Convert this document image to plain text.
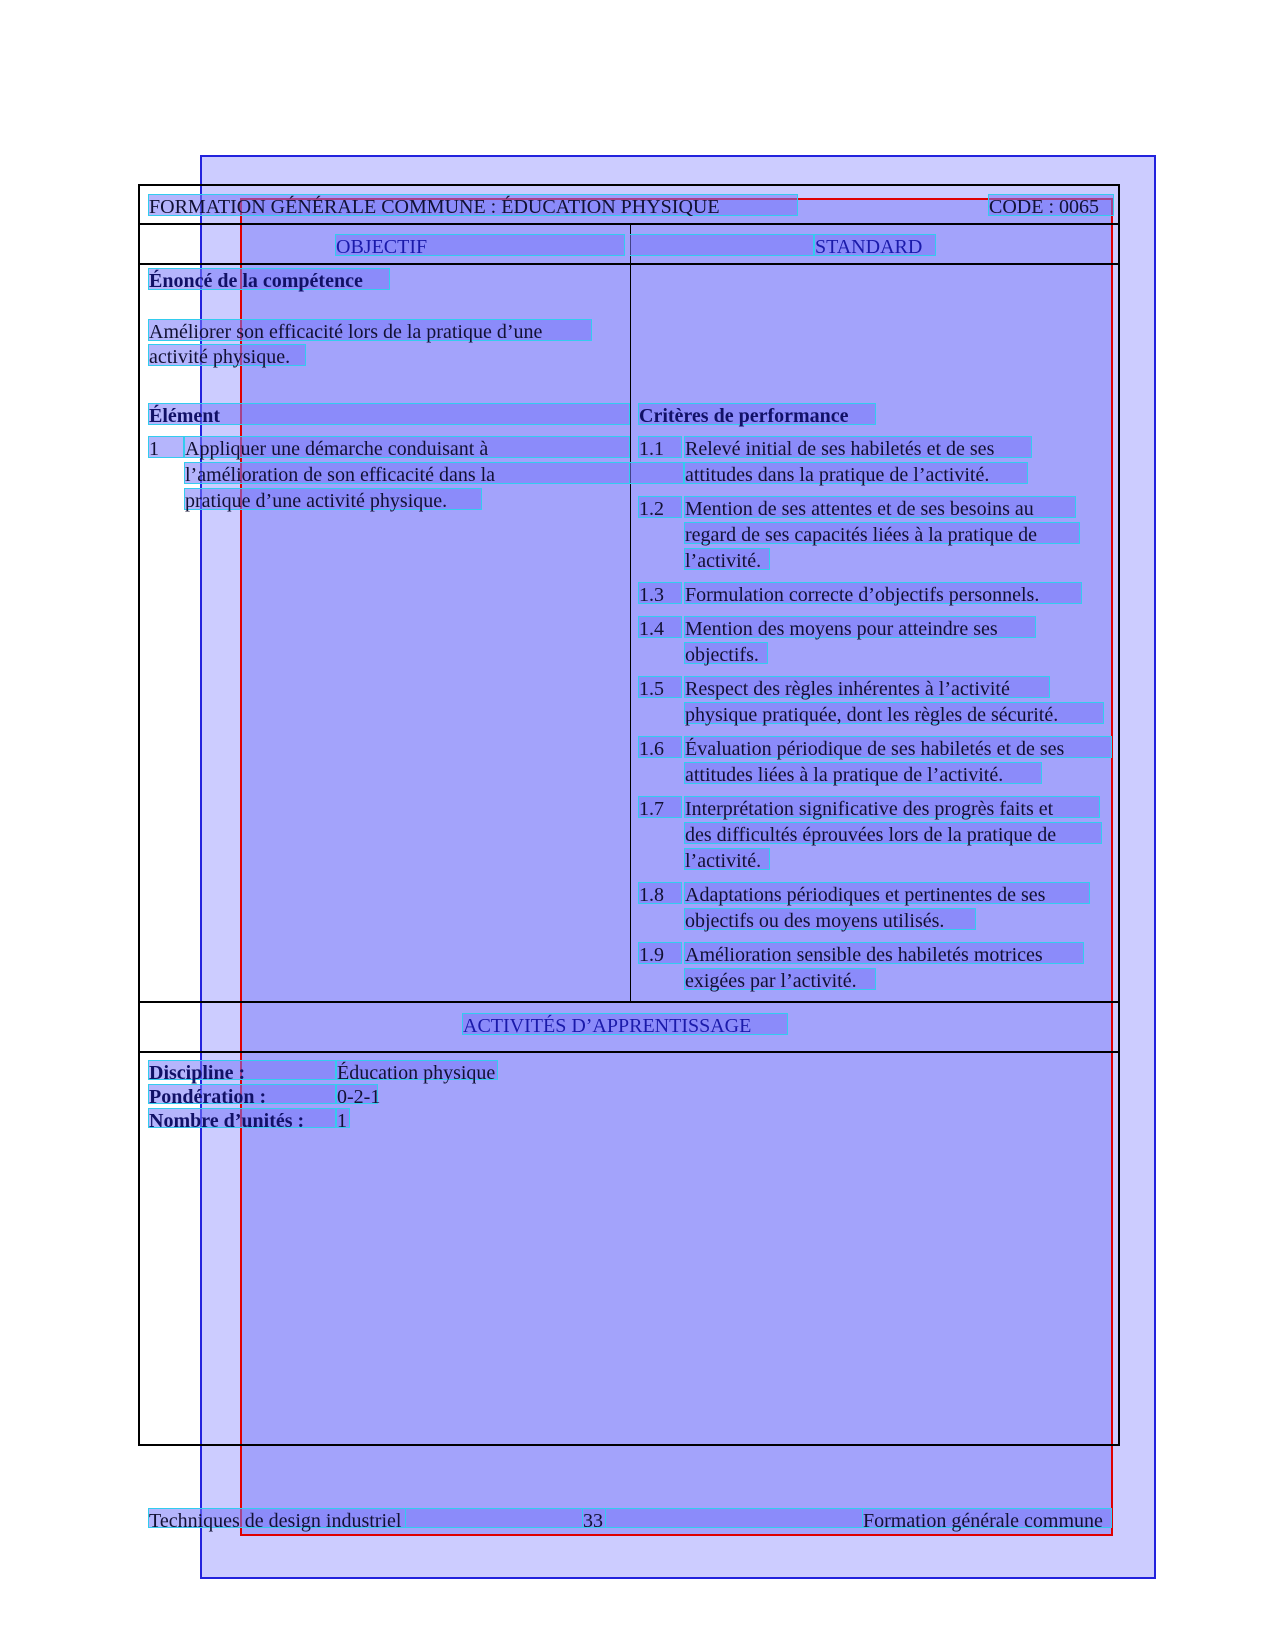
FORMATION GÉNÉRALE COMMUNE : ÉDUCATION PHYSIQUE	CODE : 0065
OBJECTIF	STANDARD
Énoncé de la compétence
Améliorer son efficacité lors de la pratique d’une
activité physique.
Élément	Critères de performance
1	Appliquer une démarche conduisant à
l’amélioration de son efficacité dans la
pratique d’une activité physique.
1.1	Relevé initial de ses habiletés et de ses
attitudes dans la pratique de l’activité.
1.2	Mention de ses attentes et de ses besoins au
regard de ses capacités liées à la pratique de
l’activité.
1.3	Formulation correcte d’objectifs personnels.
1.4	Mention des moyens pour atteindre ses
objectifs.
1.5	Respect des règles inhérentes à l’activité
physique pratiquée, dont les règles de sécurité.
1.6	Évaluation périodique de ses habiletés et de ses
attitudes liées à la pratique de l’activité.
1.7	Interprétation significative des progrès faits et
des difficultés éprouvées lors de la pratique de
l’activité.
1.8	Adaptations périodiques et pertinentes de ses
objectifs ou des moyens utilisés.
1.9	Amélioration sensible des habiletés motrices
exigées par l’activité.
ACTIVITÉS D’APPRENTISSAGE
Discipline :	Éducation physique
Pondération :	0-2-1
Nombre d’unités :	1
Techniques de design industriel	33	Formation générale commune
